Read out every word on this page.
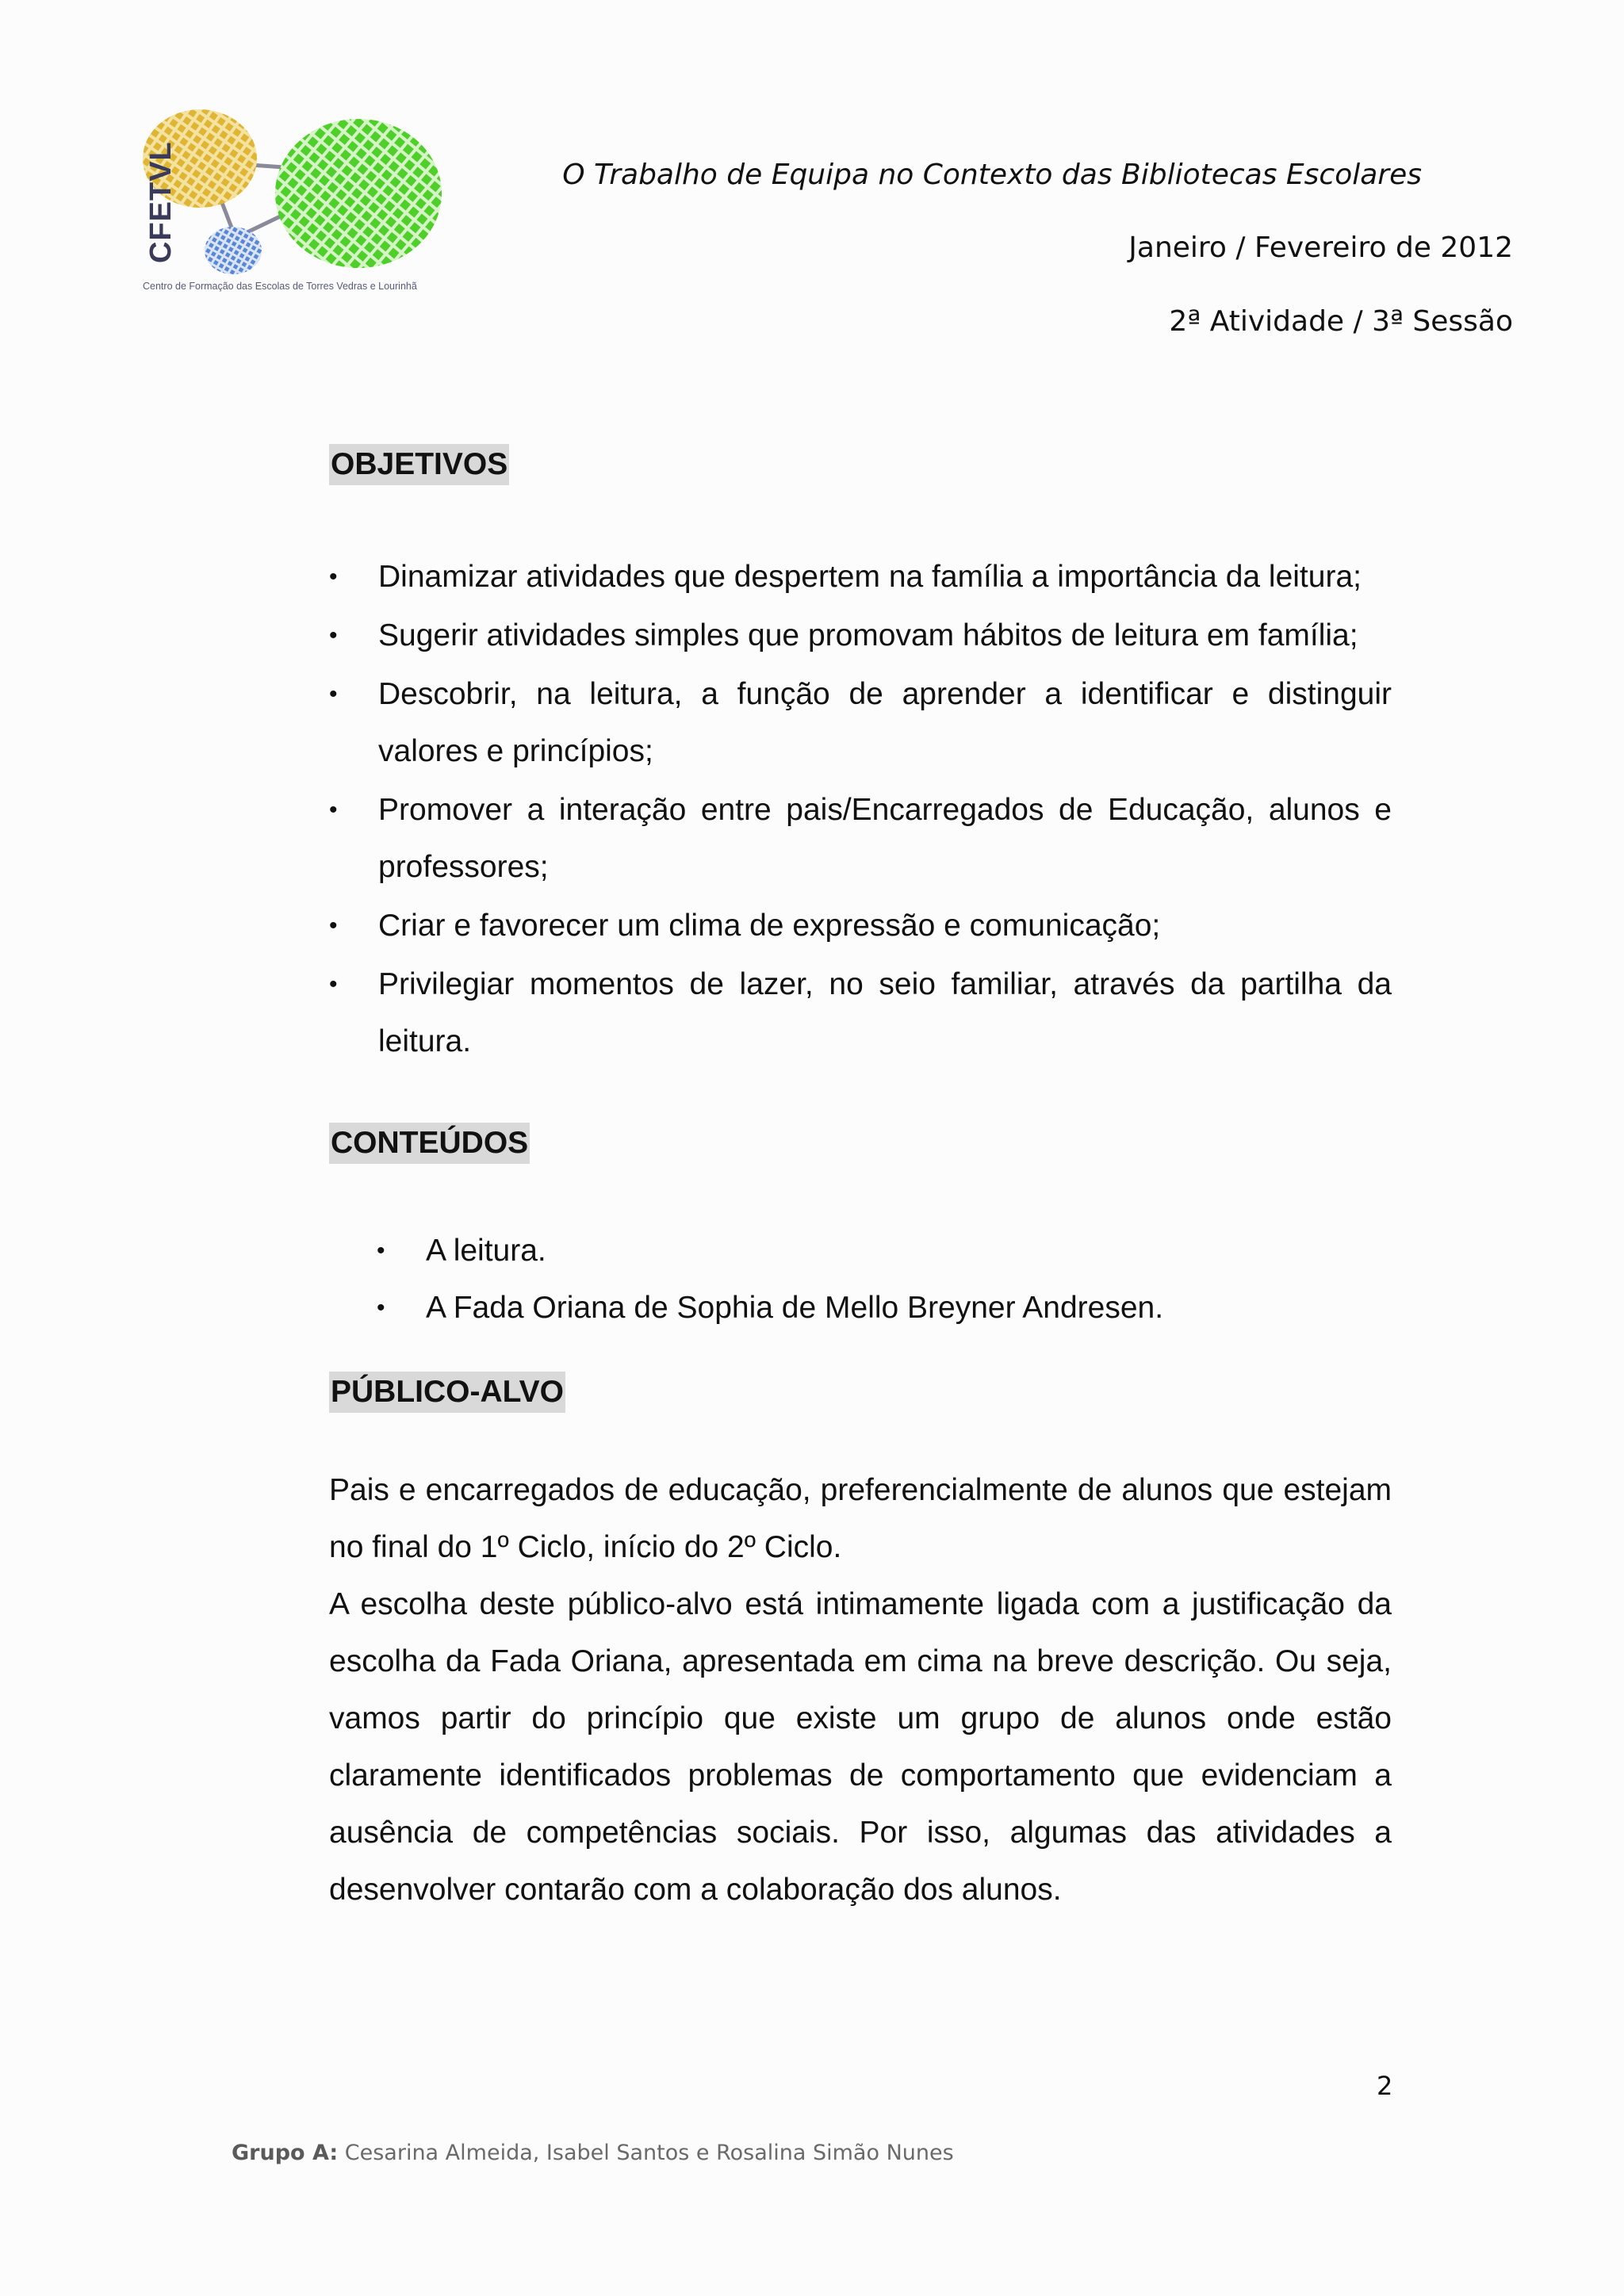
CFETVL
Centro de Formação das Escolas de Torres Vedras e Lourinhã
O Trabalho de Equipa no Contexto das Bibliotecas Escolares
Janeiro / Fevereiro de 2012
2ª Atividade / 3ª Sessão
OBJETIVOS
• Dinamizar atividades que despertem na família a importância da leitura;
• Sugerir atividades simples que promovam hábitos de leitura em família;
• Descobrir, na leitura, a função de aprender a identificar e distinguir valores e princípios;
• Promover a interação entre pais/Encarregados de Educação, alunos e professores;
• Criar e favorecer um clima de expressão e comunicação;
• Privilegiar momentos de lazer, no seio familiar, através da partilha da leitura.
CONTEÚDOS
• A leitura.
• A Fada Oriana de Sophia de Mello Breyner Andresen.
PÚBLICO-ALVO

Pais e encarregados de educação, preferencialmente de alunos que estejam no final do 1º Ciclo, início do 2º Ciclo.

A escolha deste público-alvo está intimamente ligada com a justificação da escolha da Fada Oriana, apresentada em cima na breve descrição. Ou seja, vamos partir do princípio que existe um grupo de alunos onde estão claramente identificados problemas de comportamento que evidenciam a ausência de competências sociais. Por isso, algumas das atividades a desenvolver contarão com a colaboração dos alunos.

2
Grupo A: Cesarina Almeida, Isabel Santos e Rosalina Simão Nunes
